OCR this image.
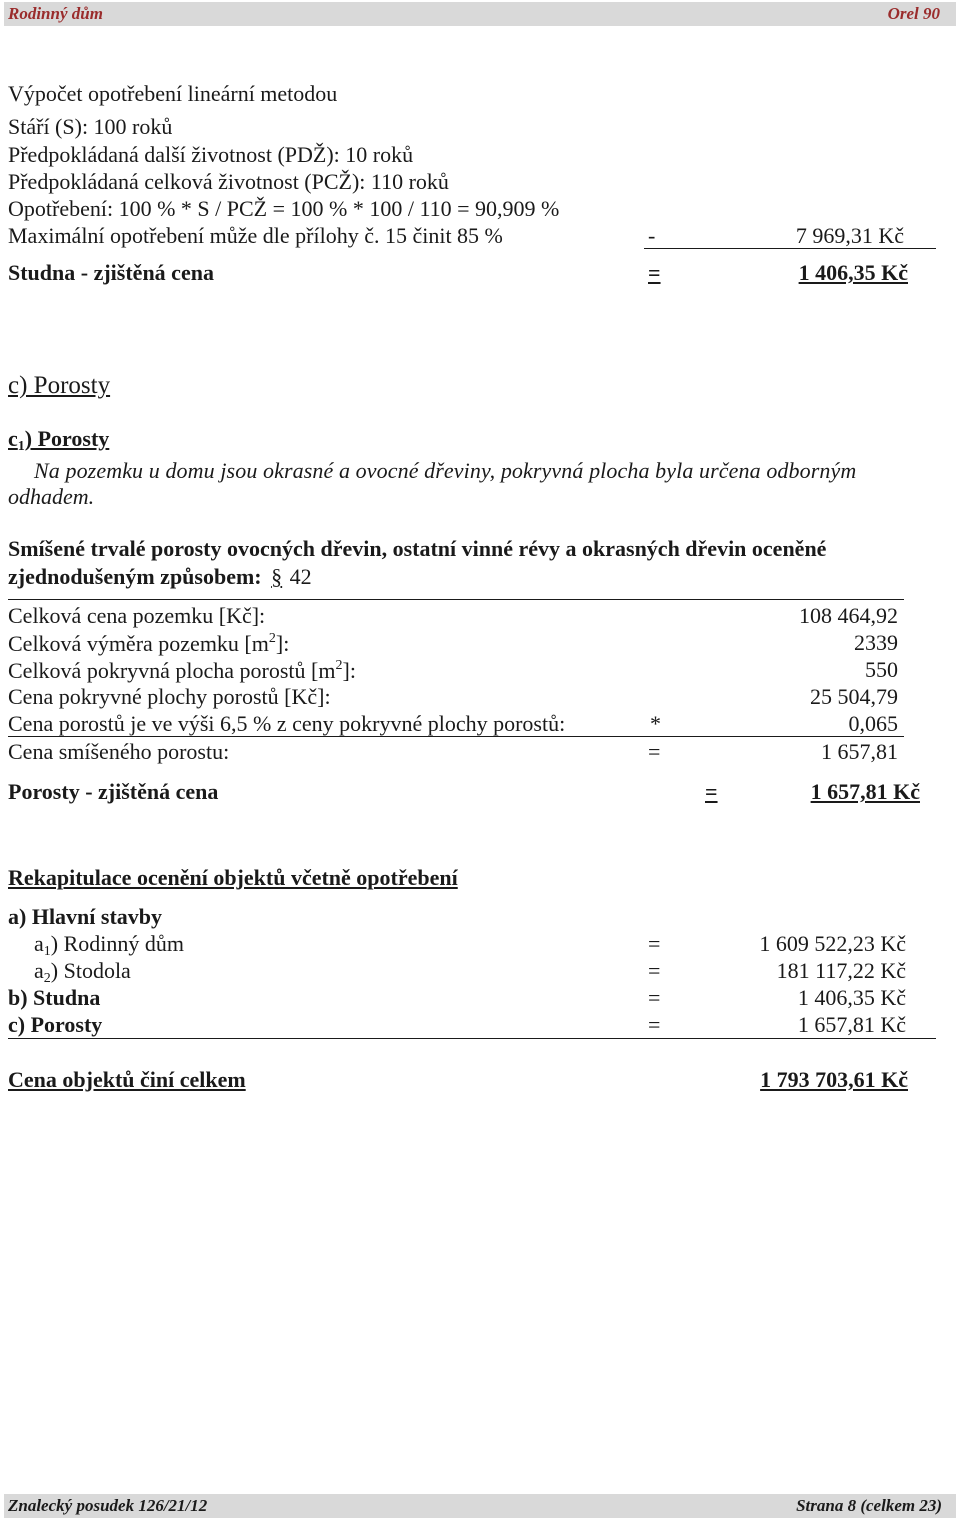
Rodinný dům	Orel 90
Výpočet opotřebení lineární metodou
Stáří (S): 100 roků
Předpokládaná další životnost (PDŽ): 10 roků
Předpokládaná celková životnost (PCŽ): 110 roků
Opotřebení: 100 % * S / PCŽ = 100 % * 100 / 110 = 90,909 %
Maximální opotřebení může dle přílohy č. 15 činit 85 %	-	7 969,31 Kč
Studna - zjištěná cena	=	1 406,35 Kč
c) Porosty
$c_1$) Porosty
Na pozemku u domu jsou okrasné a ovocné dřeviny, pokryvná plocha byla určena odborným
odhadem.
Smíšené trvalé porosty ovocných dřevin, ostatní vinné révy a okrasných dřevin oceněné
zjednodušeným způsobem: § 42
Celková cena pozemku [Kč]:	108 464,92
Celková výměra pozemku $[m^2]$:	2339
Celková pokryvná plocha porostů $[m^2]$:	550
Cena pokryvné plochy porostů [Kč]:	25 504,79
Cena porostů je ve výši 6,5 % z ceny pokryvné plochy porostů:	*	0,065
Cena smíšeného porostu:	=	1 657,81
Porosty - zjištěná cena	=	1 657,81 Kč
Rekapitulace ocenění objektů včetně opotřebení
a) Hlavní stavby
$a_1$) Rodinný dům	=	1 609 522,23 Kč
$a_2$) Stodola	=	181 117,22 Kč
b) Studna	=	1 406,35 Kč
c) Porosty	=	1 657,81 Kč
Cena objektů činí celkem	1 793 703,61 Kč
Znalecký posudek 126/21/12	Strana 8 (celkem 23)
